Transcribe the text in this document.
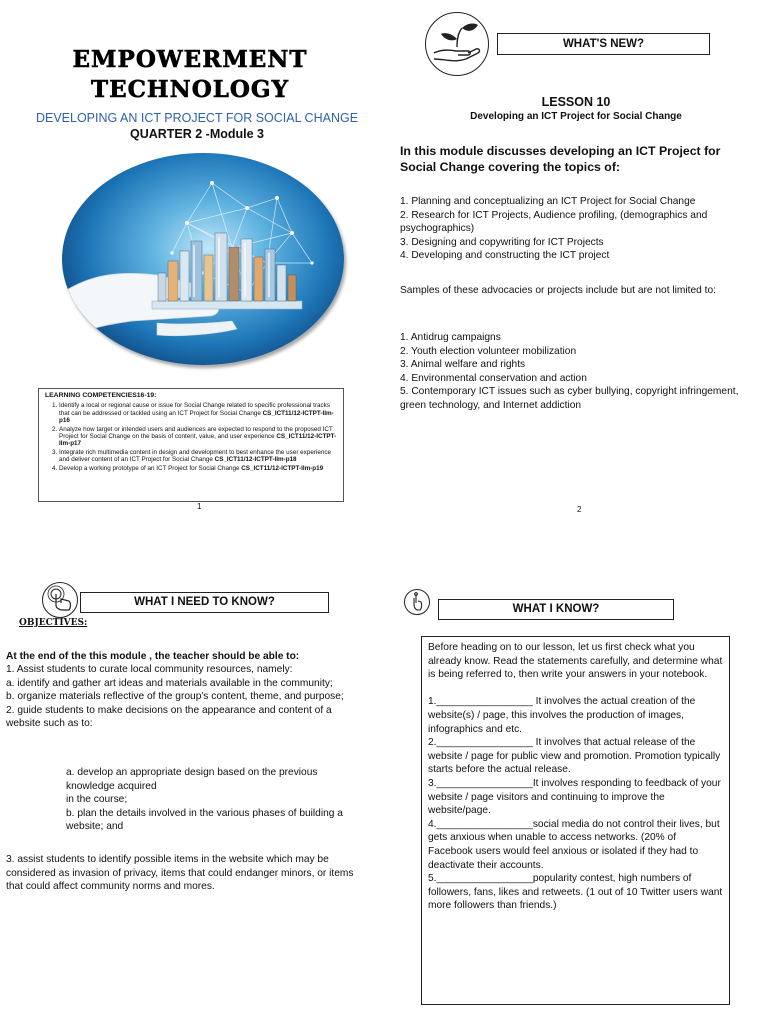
EMPOWERMENT
TECHNOLOGY
DEVELOPING AN ICT PROJECT FOR SOCIAL CHANGE
QUARTER 2 -Module 3
LEARNING COMPETENCIES16-19:
1. Identify a local or regional cause or issue for Social Change related to specific professional tracks that can be addressed or tackled using an ICT Project for Social Change CS_ICT11/12-ICTPT-IIm-p16
2. Analyze how target or intended users and audiences are expected to respond to the proposed ICT Project for Social Change on the basis of content, value, and user experience CS_ICT11/12-ICTPT-IIm-p17
3. Integrate rich multimedia content in design and development to best enhance the user experience and deliver content of an ICT Project for Social Change CS_ICT11/12-ICTPT-IIm-p18
4. Develop a working prototype of an ICT Project for Social Change CS_ICT11/12-ICTPT-IIm-p19
1
WHAT'S NEW?
LESSON 10
Developing an ICT Project for Social Change
In this module discusses developing an ICT Project for Social Change covering the topics of:
1. Planning and conceptualizing an ICT Project for Social Change
2. Research for ICT Projects, Audience profiling, (demographics and psychographics)
3. Designing and copywriting for ICT Projects
4. Developing and constructing the ICT project
Samples of these advocacies or projects include but are not limited to:
1. Antidrug campaigns
2. Youth election volunteer mobilization
3. Animal welfare and rights
4. Environmental conservation and action
5. Contemporary ICT issues such as cyber bullying, copyright infringement, green technology, and Internet addiction
2
WHAT I NEED TO KNOW?
OBJECTIVES:
At the end of the this module , the teacher should be able to:
1. Assist students to curate local community resources, namely:
a. identify and gather art ideas and materials available in the community;
b. organize materials reflective of the group's content, theme, and purpose;
2. guide students to make decisions on the appearance and content of a website such as to:
a. develop an appropriate design based on the previous knowledge acquired
in the course;
b. plan the details involved in the various phases of building a website; and
3. assist students to identify possible items in the website which may be considered as invasion of privacy, items that could endanger minors, or items that could affect community norms and mores.
WHAT I KNOW?

Before heading on to our lesson, let us first check what you already know. Read the statements carefully, and determine what is being referred to, then write your answers in your notebook.

1._________________ It involves the actual creation of the website(s) / page, this involves the production of images, infographics and etc.
2._________________ It involves that actual release of the website / page for public view and promotion. Promotion typically starts before the actual release.
3._________________It involves responding to feedback of your website / page visitors and continuing to improve the website/page.
4._________________social media do not control their lives, but gets anxious when unable to access networks. (20% of Facebook users would feel anxious or isolated if they had to deactivate their accounts.
5._________________popularity contest, high numbers of followers, fans, likes and retweets. (1 out of 10 Twitter users want more followers than friends.)
